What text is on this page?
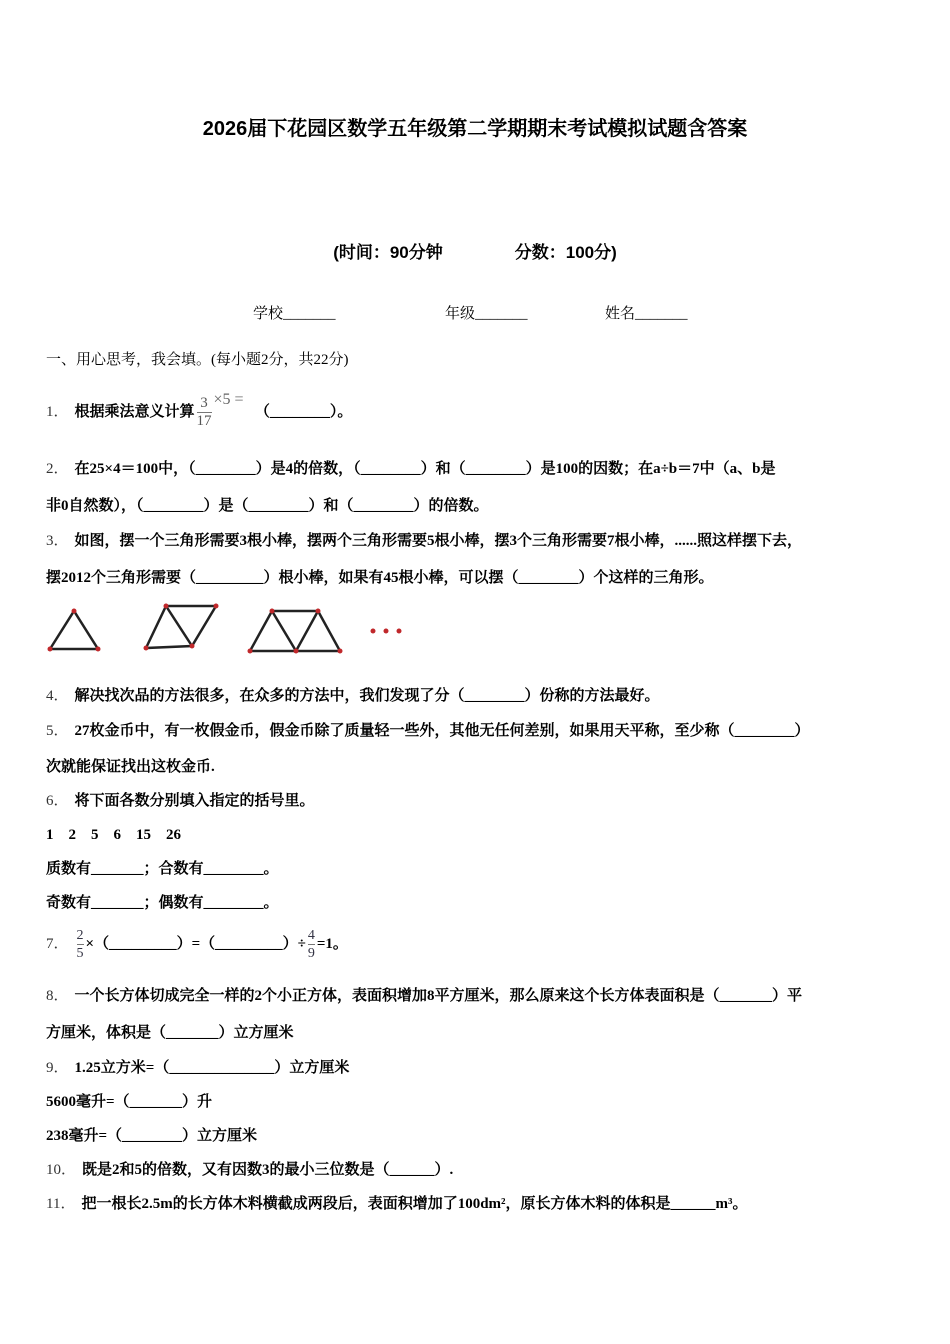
2026届下花园区数学五年级第二学期期末考试模拟试题含答案
(时间：90分钟	分数：100分)
学校_______	年级_______	姓名_______
一、用心思考，我会填。(每小题2分，共22分)
1． 根据乘法意义计算 $\frac{3}{17} \times 5$ =   （________）。
2． 在25×4＝100中，（________）是4的倍数，（________）和（________）是100的因数；在a÷b＝7中（a、b是
非0自然数），（________）是（________）和（________）的倍数。
3． 如图，摆一个三角形需要3根小棒，摆两个三角形需要5根小棒，摆3个三角形需要7根小棒，......照这样摆下去，
摆2012个三角形需要（_________）根小棒，如果有45根小棒，可以摆（________）个这样的三角形。
4． 解决找次品的方法很多，在众多的方法中，我们发现了分（________）份称的方法最好。
5． 27枚金币中，有一枚假金币，假金币除了质量轻一些外，其他无任何差别，如果用天平称，至少称（________）
次就能保证找出这枚金币.
6． 将下面各数分别填入指定的括号里。
1　2　5　6　15　26
质数有_______；合数有________。
奇数有_______；偶数有________。
7． $\frac{2}{5}$ ×（_________）=（_________）÷ $\frac{4}{9} =1$。
8． 一个长方体切成完全一样的2个小正方体，表面积增加8平方厘米，那么原来这个长方体表面积是（_______）平
方厘米，体积是（_______）立方厘米
9． 1.25立方米=（______________）立方厘米
5600毫升=（_______）升
238毫升=（________）立方厘米
10． 既是2和5的倍数，又有因数3的最小三位数是（______）.
11． 把一根长2.5m的长方体木料横截成两段后，表面积增加了100dm²，原长方体木料的体积是______m³。
